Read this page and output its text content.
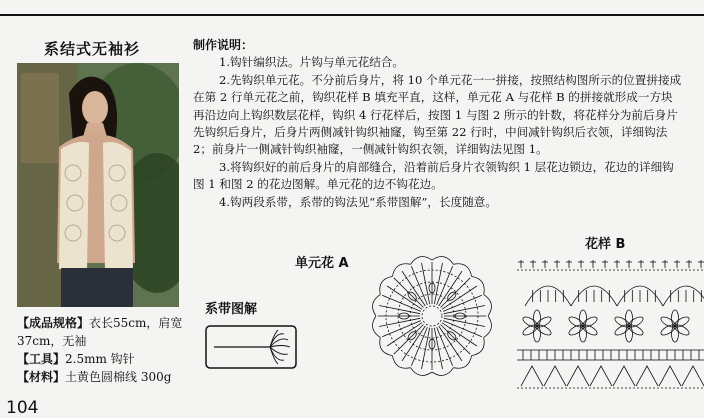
系结式无袖衫
【成品规格】衣长55cm，肩宽
37cm，无袖
【工具】2.5mm 钩针
【材料】土黄色圆棉线 300g
104

制作说明：

1.钩针编织法。片钩与单元花结合。

2.先钩织单元花。不分前后身片，将 10 个单元花一一拼接，按照结构图所示的位置拼接成

在第 2 行单元花之前，钩织花样 B 填充平直，这样，单元花 A 与花样 B 的拼接就形成一方块

再沿边向上钩织数层花样，钩织 4 行花样后，按图 1 与图 2 所示的针数，将花样分为前后身片

先钩织后身片，后身片两侧减针钩织袖窿，钩至第 22 行时，中间减针钩织后衣领，详细钩法

2；前身片一侧减针钩织袖窿，一侧减针钩织衣领，详细钩法见图 1。

3.将钩织好的前后身片的肩部缝合，沿着前后身片衣领钩织 1 层花边锁边，花边的详细钩

图 1 和图 2 的花边图解。单元花的边不钩花边。

4.钩两段系带，系带的钩法见“系带图解”，长度随意。

单元花 A
花样 B
系带图解
